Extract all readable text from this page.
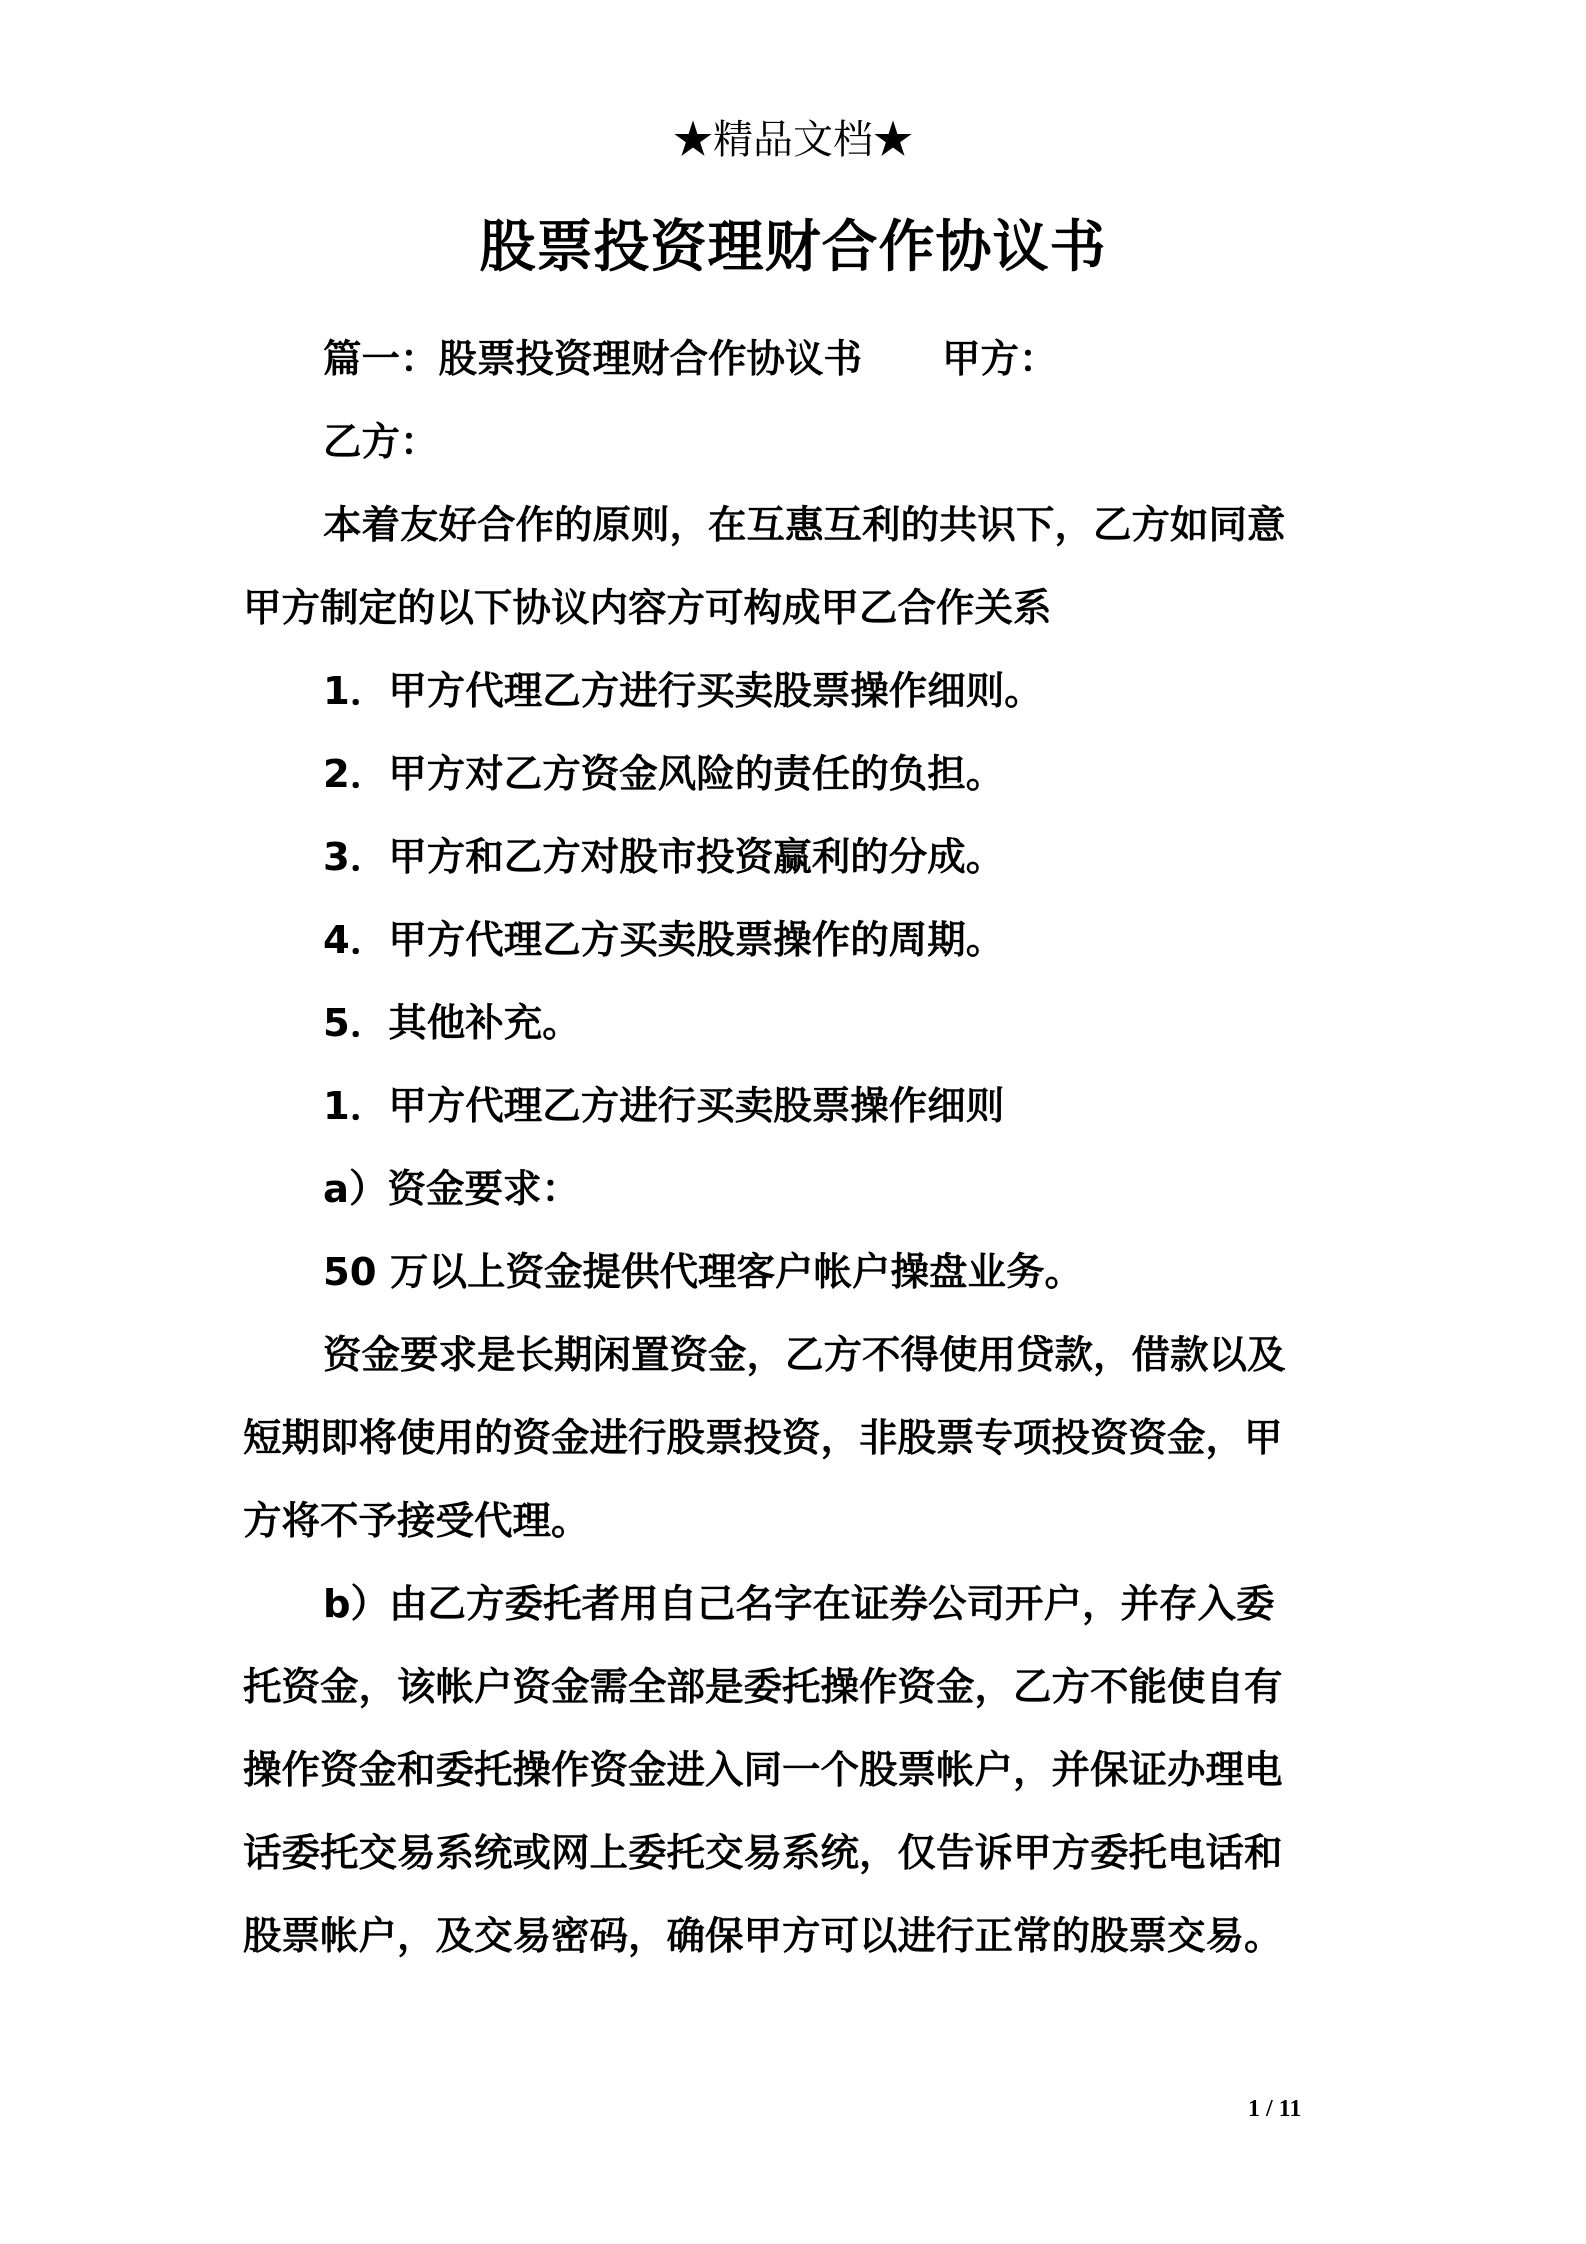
★精品文档★
股票投资理财合作协议书
篇一：股票投资理财合作协议书 甲方：
乙方：
本着友好合作的原则，在互惠互利的共识下，乙方如同意
甲方制定的以下协议内容方可构成甲乙合作关系
1．甲方代理乙方进行买卖股票操作细则。
2．甲方对乙方资金风险的责任的负担。
3．甲方和乙方对股市投资赢利的分成。
4．甲方代理乙方买卖股票操作的周期。
5．其他补充。
1．甲方代理乙方进行买卖股票操作细则
a）资金要求：
50 万以上资金提供代理客户帐户操盘业务。
资金要求是长期闲置资金，乙方不得使用贷款，借款以及
短期即将使用的资金进行股票投资，非股票专项投资资金，甲
方将不予接受代理。
b）由乙方委托者用自己名字在证券公司开户，并存入委
托资金，该帐户资金需全部是委托操作资金，乙方不能使自有
操作资金和委托操作资金进入同一个股票帐户，并保证办理电
话委托交易系统或网上委托交易系统，仅告诉甲方委托电话和
股票帐户，及交易密码，确保甲方可以进行正常的股票交易。
1 / 11
